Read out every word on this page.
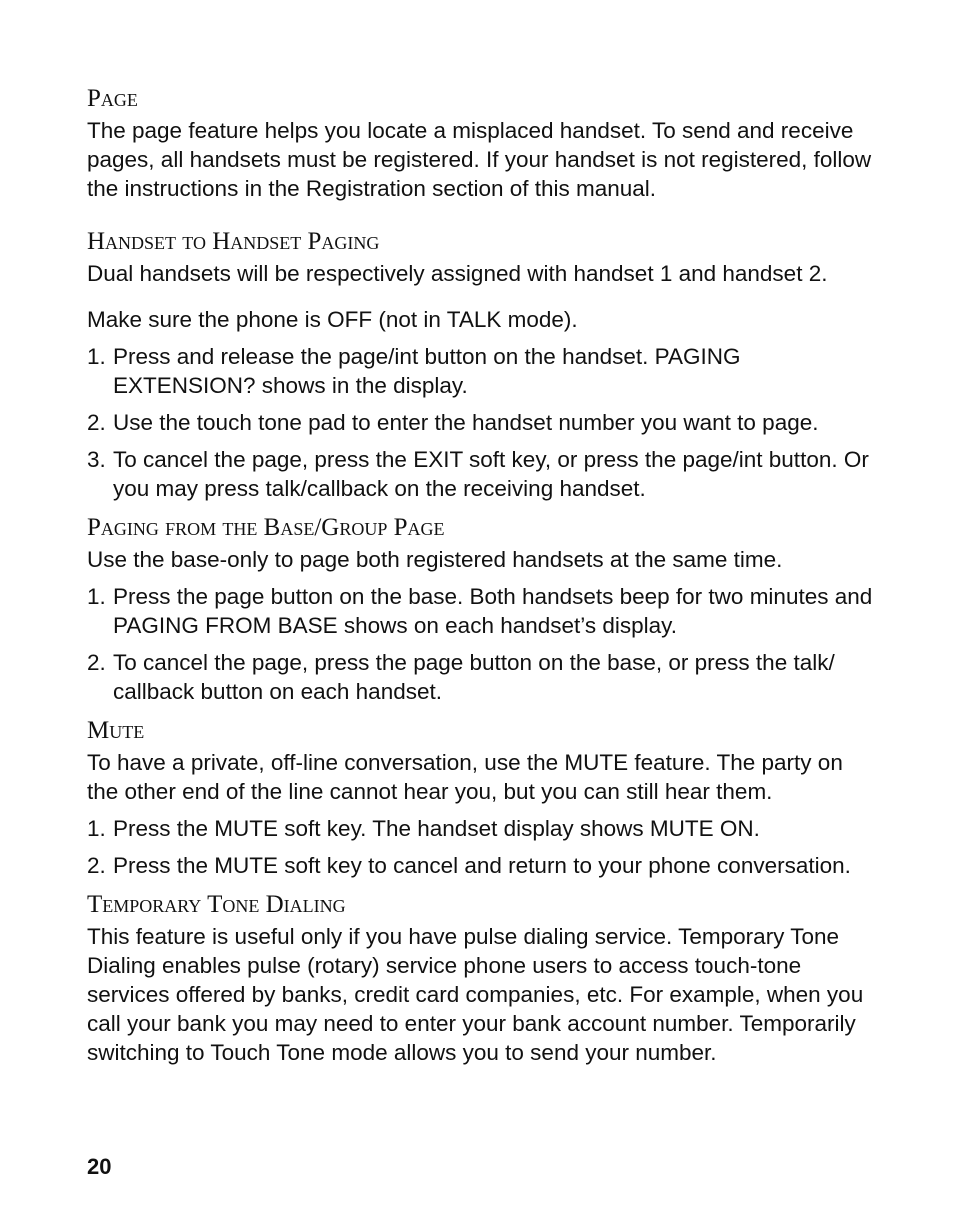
Page

The page feature helps you locate a misplaced handset. To send and receive pages, all handsets must be registered. If your handset is not registered, follow the instructions in the Registration section of this manual.

Handset to Handset Paging

Dual handsets will be respectively assigned with handset 1 and handset 2.

Make sure the phone is OFF (not in TALK mode).

1. Press and release the page/int button on the handset. PAGING EXTENSION? shows in the display.
2. Use the touch tone pad to enter the handset number you want to page.
3. To cancel the page, press the EXIT soft key, or press the page/int button. Or you may press talk/callback on the receiving handset.
Paging from the Base/Group Page

Use the base-only to page both registered handsets at the same time.

1. Press the page button on the base. Both handsets beep for two minutes and PAGING FROM BASE shows on each handset’s display.
2. To cancel the page, press the page button on the base, or press the talk/ callback button on each handset.
Mute

To have a private, off-line conversation, use the MUTE feature. The party on the other end of the line cannot hear you, but you can still hear them.

1. Press the MUTE soft key. The handset display shows MUTE ON.
2. Press the MUTE soft key to cancel and return to your phone conversation.
Temporary Tone Dialing

This feature is useful only if you have pulse dialing service. Temporary Tone Dialing enables pulse (rotary) service phone users to access touch-tone services offered by banks, credit card companies, etc. For example, when you call your bank you may need to enter your bank account number. Temporarily switching to Touch Tone mode allows you to send your number.

20
